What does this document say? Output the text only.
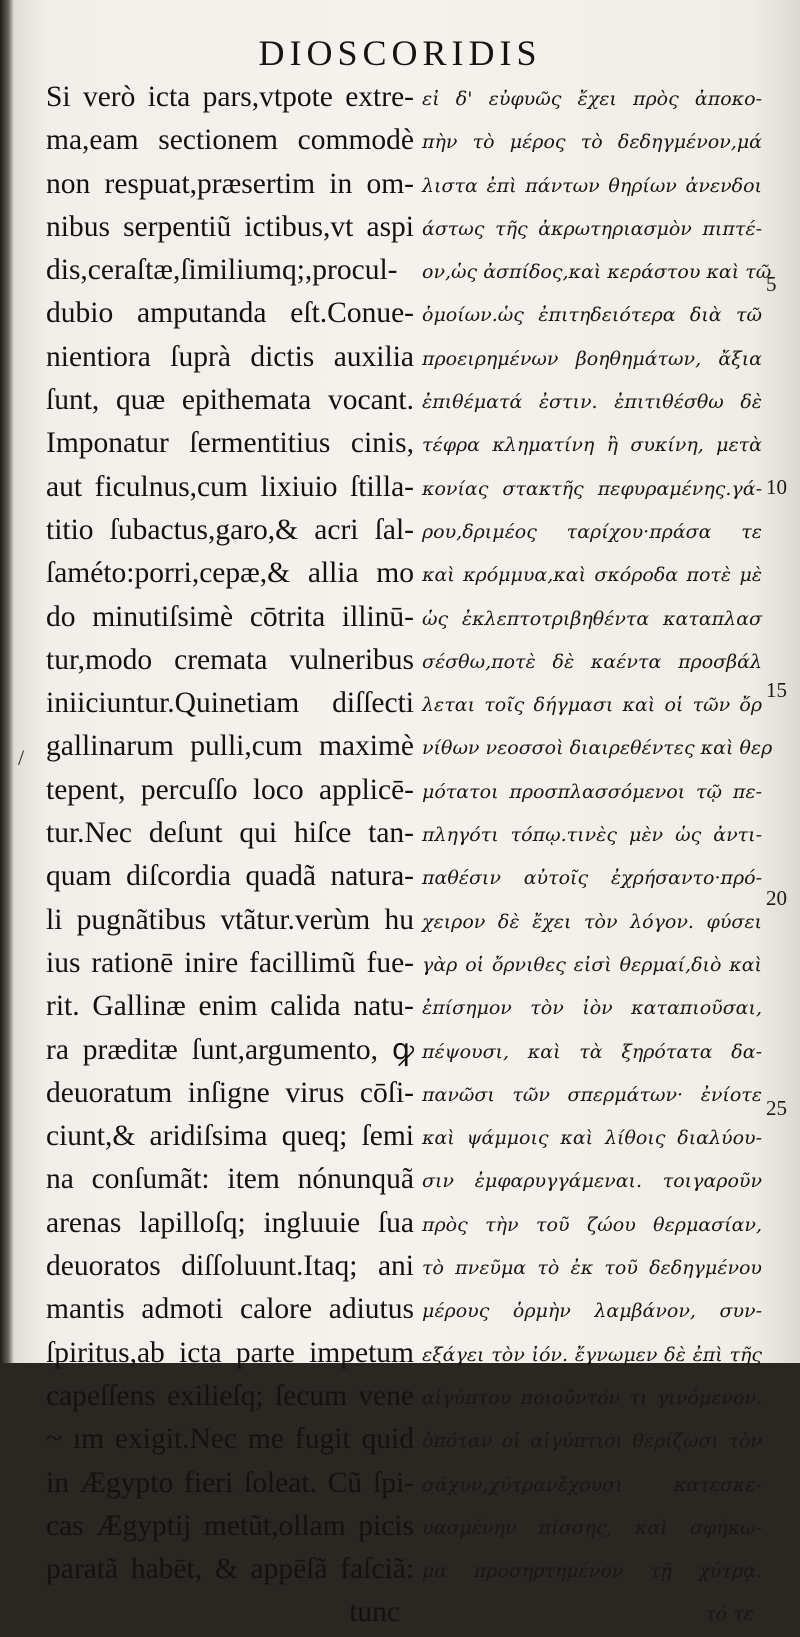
DIOSCORIDIS
Si verò icta pars,vtpote extre-
ma,eam sectionem commodè
non respuat,præsertim in om-
nibus serpentiũ ictibus,vt aspi
dis,ceraſtæ,ſimiliumq;,procul-
dubio amputanda eſt.Conue-
nientiora ſuprà dictis auxilia
ſunt, quæ epithemata vocant.
Imponatur ſermentitius cinis,
aut ficulnus,cum lixiuio ſtilla-
titio ſubactus,garo,& acri ſal-
ſaméto:porri,cepæ,& allia mo
do minutiſsimè cōtrita illinū-
tur,modo cremata vulneribus
iniiciuntur.Quinetiam diſſecti
gallinarum pulli,cum maximè
tepent, percuſſo loco applicē-
tur.Nec deſunt qui hiſce tan-
quam diſcordia quadã natura-
li pugnãtibus vtãtur.verùm hu
ius rationē inire facillimũ fue-
rit. Gallinæ enim calida natu-
ra præditæ ſunt,argumento, ꝙ
deuoratum inſigne virus cōſi-
ciunt,& aridiſsima queq; ſemi
na conſumãt: item nónunquã
arenas lapilloſq; ingluuie ſua
deuoratos diſſoluunt.Itaq; ani
mantis admoti calore adiutus
ſpiritus,ab icta parte impetum
capeſſens exilieſq; ſecum vene
~ ım exigit.Nec me fugit quid
in Ægypto fieri ſoleat. Cũ ſpi-
cas Ægyptij metũt,ollam picis
paratã habēt, & appēſã faſciã:
tunc
εἰ δ' εὐφυῶς ἔχει πρὸς ἀποκο-
πὴν τὸ μέρος τὸ δεδηγμένον,μά
λιστα ἐπὶ πάντων θηρίων ἀνενδοι
άστως τῆς ἀκρωτηριασμὸν πιπτέ-
ον,ὡς ἀσπίδος,καὶ κεράστου καὶ τῶ
ὁμοίων.ὡς ἐπιτηδειότερα διὰ τῶ
προειρημένων βοηθημάτων, ἄξια
ἐπιθέματά ἐστιν. ἐπιτιθέσθω δὲ
τέφρα κληματίνη ἢ συκίνη, μετὰ
κονίας στακτῆς πεφυραμένης.γά-
ρου,δριμέος ταρίχου·πράσα τε
καὶ κρόμμυα,καὶ σκόροδα ποτὲ μὲ
ὡς ἐκλεπτοτριβηθέντα καταπλασ
σέσθω,ποτὲ δὲ καέντα προσβάλ
λεται τοῖς δήγμασι καὶ οἱ τῶν ὄρ
νίθων νεοσσοὶ διαιρεθέντες καὶ θερ
μότατοι προσπλασσόμενοι τῷ πε-
πληγότι τόπῳ.τινὲς μὲν ὡς ἀντι-
παθέσιν αὐτοῖς ἐχρήσαντο·πρό-
χειρον δὲ ἔχει τὸν λόγον. φύσει
γὰρ οἱ ὄρνιθες εἰσὶ θερμαί,διὸ καὶ
ἐπίσημον τὸν ἰὸν καταπιοῦσαι,
πέψουσι, καὶ τὰ ξηρότατα δα-
πανῶσι τῶν σπερμάτων· ἐνίοτε
καὶ ψάμμοις καὶ λίθοις διαλύου-
σιν ἐμφαρυγγάμεναι. τοιγαροῦν
πρὸς τὴν τοῦ ζώου θερμασίαν,
τὸ πνεῦμα τὸ ἐκ τοῦ δεδηγμένου
μέρους ὁρμὴν λαμβάνον, συν-
εξάγει τὸν ἰόν. ἔγνωμεν δὲ ἐπὶ τῆς
αἰγύπτου ποιοῦντόν τι γινόμενον.
ὁπόταν οἱ αἰγύπτιοι θερίζωσι τὸν
σάχυν,χύτρανἔχουσι κατεσκε-
υασμένην πίσσης, καὶ σφήκω-
μα προσηρτημένον τῇ χύτρᾳ.
τό τε
5
10
15
20
25
/
